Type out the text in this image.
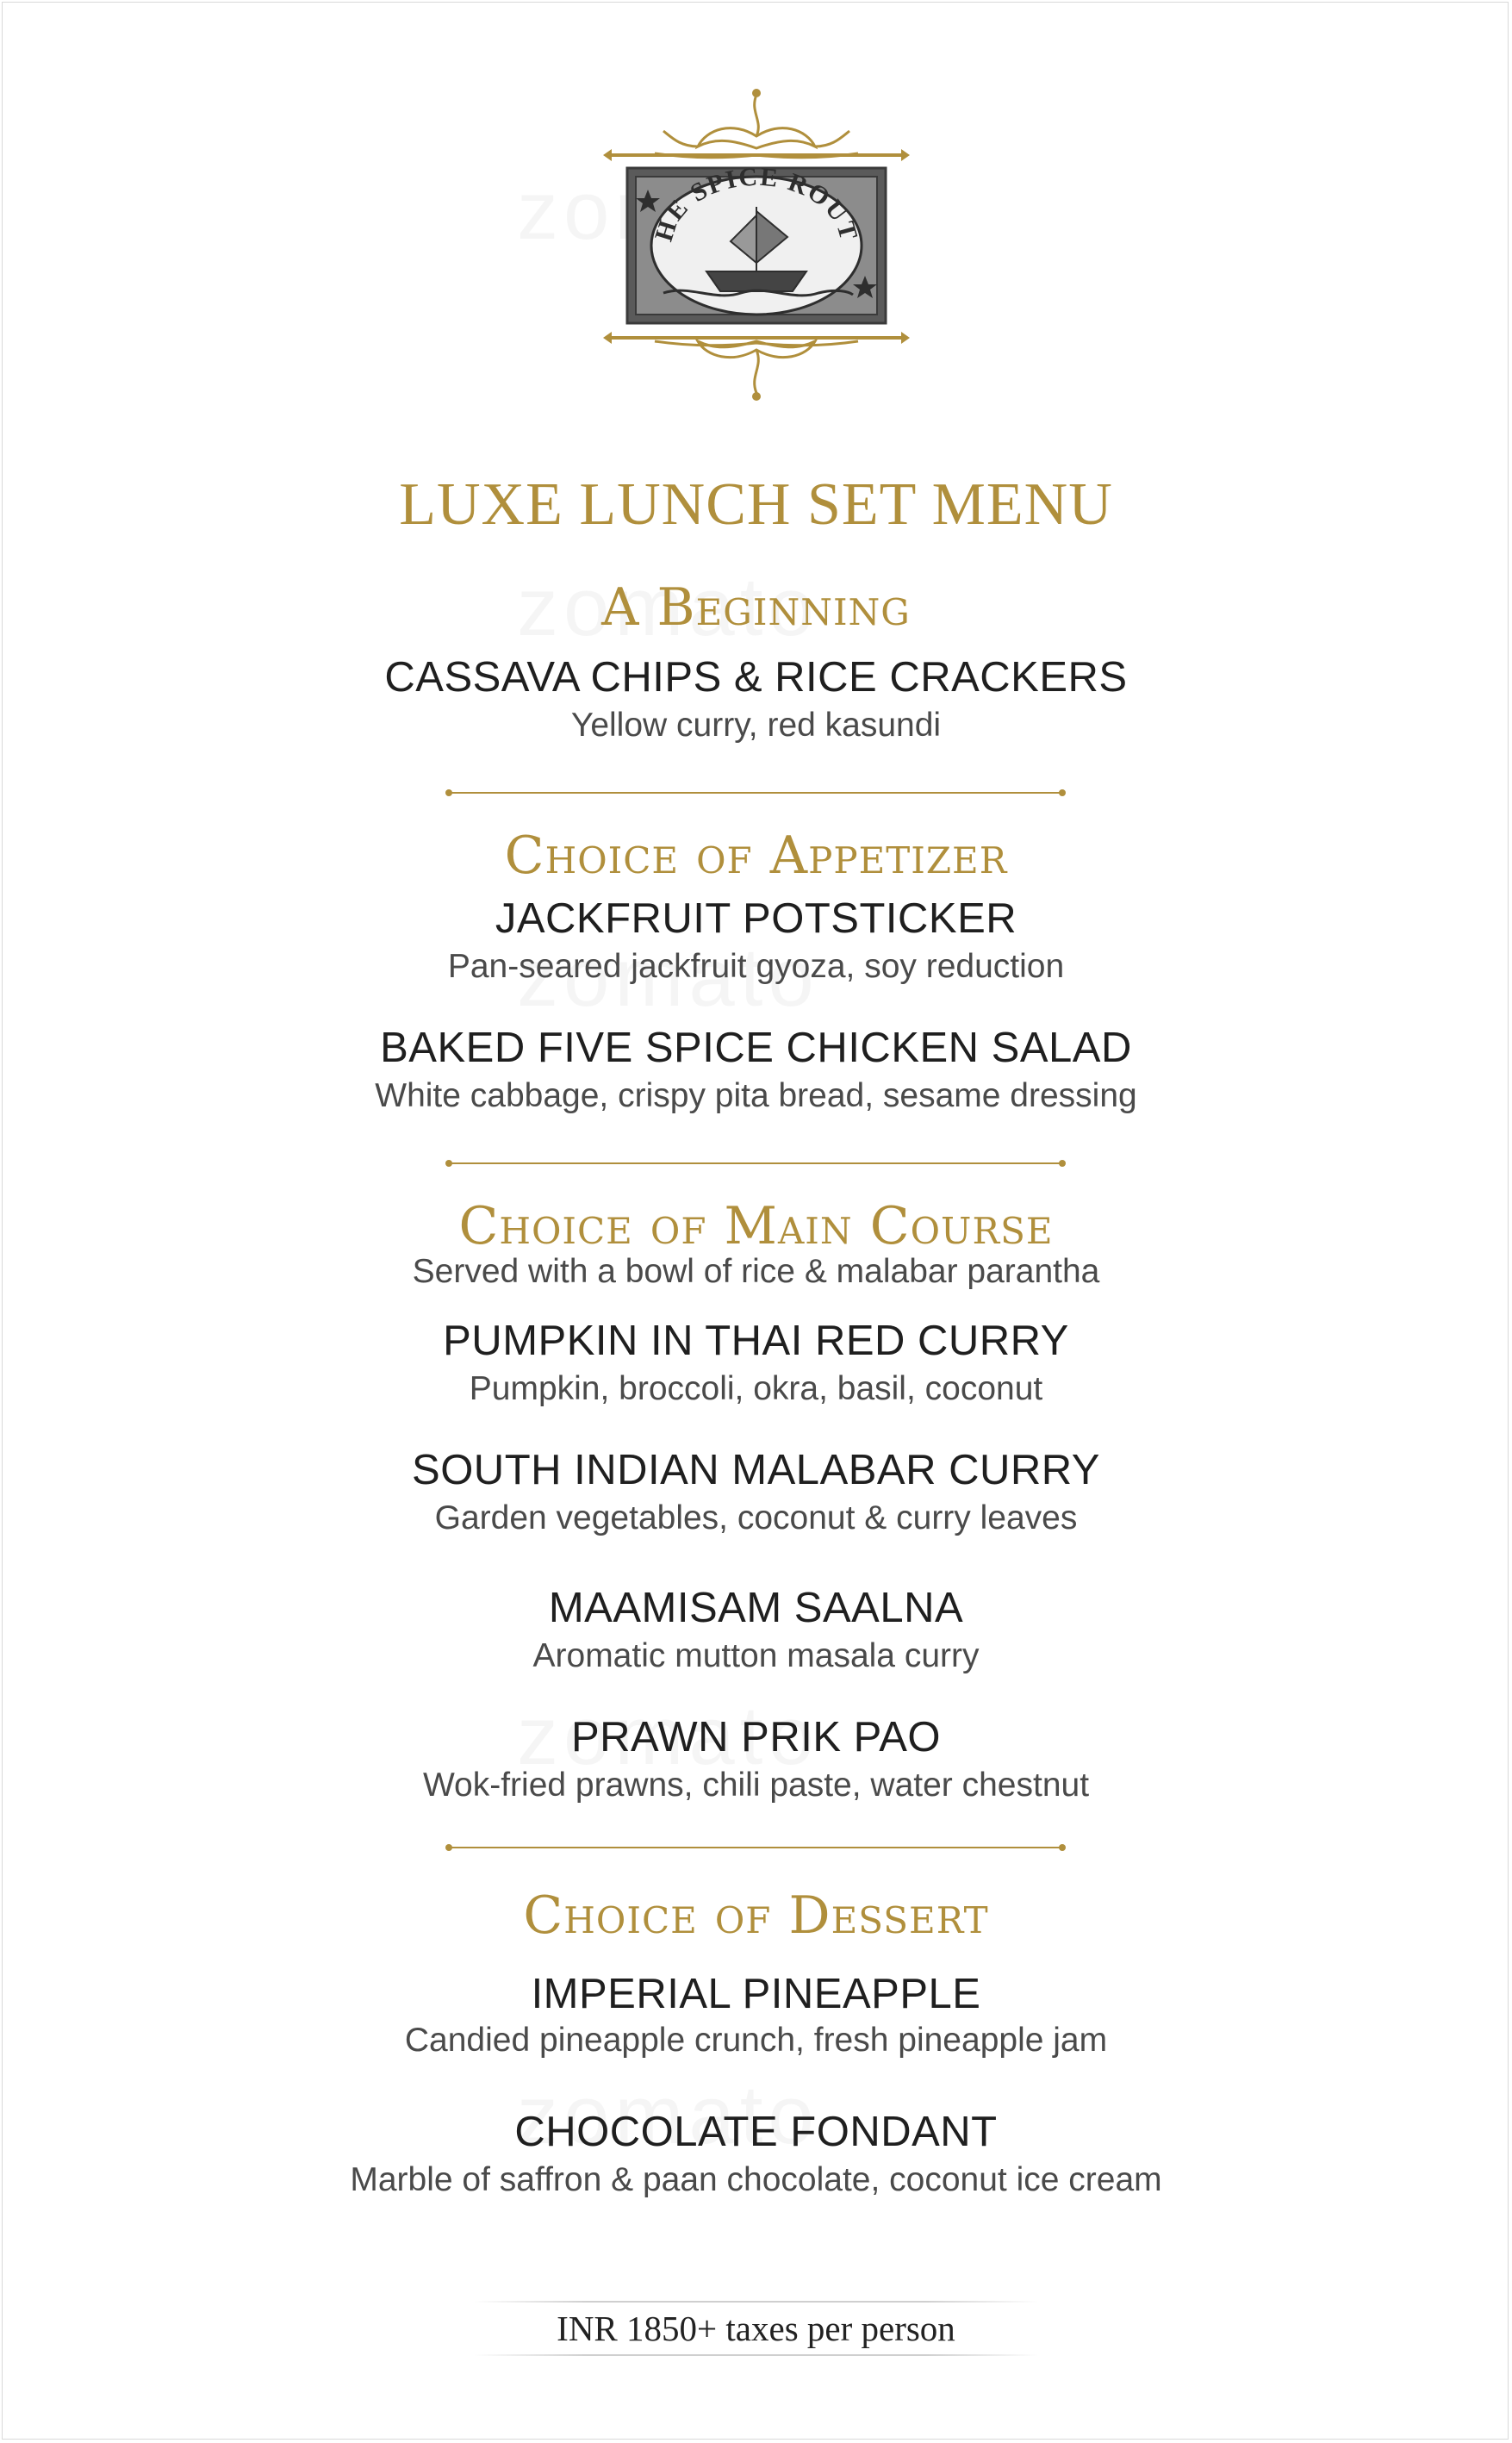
HE SPICE ROUT
LUXE LUNCH SET MENU
A Beginning
CASSAVA CHIPS & RICE CRACKERS
Yellow curry, red kasundi
Choice of Appetizer
JACKFRUIT POTSTICKER
Pan-seared jackfruit gyoza, soy reduction
BAKED FIVE SPICE CHICKEN SALAD
White cabbage, crispy pita bread, sesame dressing
Choice of Main Course
Served with a bowl of rice & malabar parantha
PUMPKIN IN THAI RED CURRY
Pumpkin, broccoli, okra, basil, coconut
SOUTH INDIAN MALABAR CURRY
Garden vegetables, coconut & curry leaves
MAAMISAM SAALNA
Aromatic mutton masala curry
PRAWN PRIK PAO
Wok-fried prawns, chili paste, water chestnut
Choice of Dessert
IMPERIAL PINEAPPLE
Candied pineapple crunch, fresh pineapple jam
CHOCOLATE FONDANT
Marble of saffron & paan chocolate, coconut ice cream
INR 1850+ taxes per person
